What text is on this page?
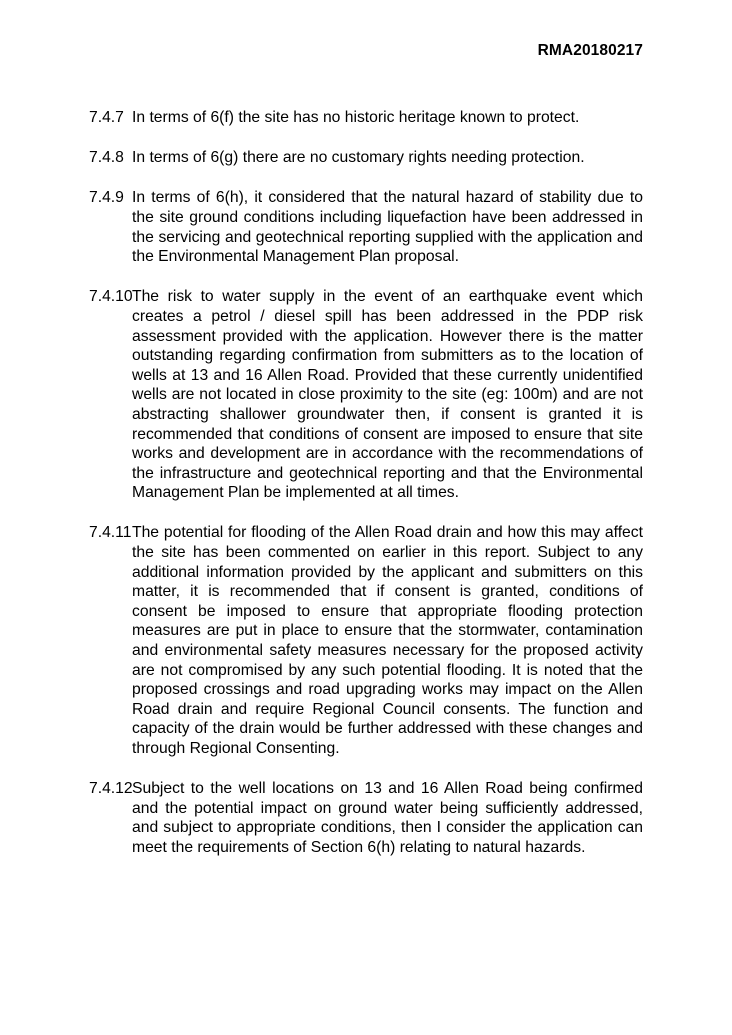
RMA20180217
7.4.7 In terms of 6(f) the site has no historic heritage known to protect.
7.4.8 In terms of 6(g) there are no customary rights needing protection.
7.4.9 In terms of 6(h), it considered that the natural hazard of stability due to the site ground conditions including liquefaction have been addressed in the servicing and geotechnical reporting supplied with the application and the Environmental Management Plan proposal.
7.4.10 The risk to water supply in the event of an earthquake event which creates a petrol / diesel spill has been addressed in the PDP risk assessment provided with the application. However there is the matter outstanding regarding confirmation from submitters as to the location of wells at 13 and 16 Allen Road. Provided that these currently unidentified wells are not located in close proximity to the site (eg: 100m) and are not abstracting shallower groundwater then, if consent is granted it is recommended that conditions of consent are imposed to ensure that site works and development are in accordance with the recommendations of the infrastructure and geotechnical reporting and that the Environmental Management Plan be implemented at all times.
7.4.11 The potential for flooding of the Allen Road drain and how this may affect the site has been commented on earlier in this report. Subject to any additional information provided by the applicant and submitters on this matter, it is recommended that if consent is granted, conditions of consent be imposed to ensure that appropriate flooding protection measures are put in place to ensure that the stormwater, contamination and environmental safety measures necessary for the proposed activity are not compromised by any such potential flooding. It is noted that the proposed crossings and road upgrading works may impact on the Allen Road drain and require Regional Council consents. The function and capacity of the drain would be further addressed with these changes and through Regional Consenting.
7.4.12 Subject to the well locations on 13 and 16 Allen Road being confirmed and the potential impact on ground water being sufficiently addressed, and subject to appropriate conditions, then I consider the application can meet the requirements of Section 6(h) relating to natural hazards.
